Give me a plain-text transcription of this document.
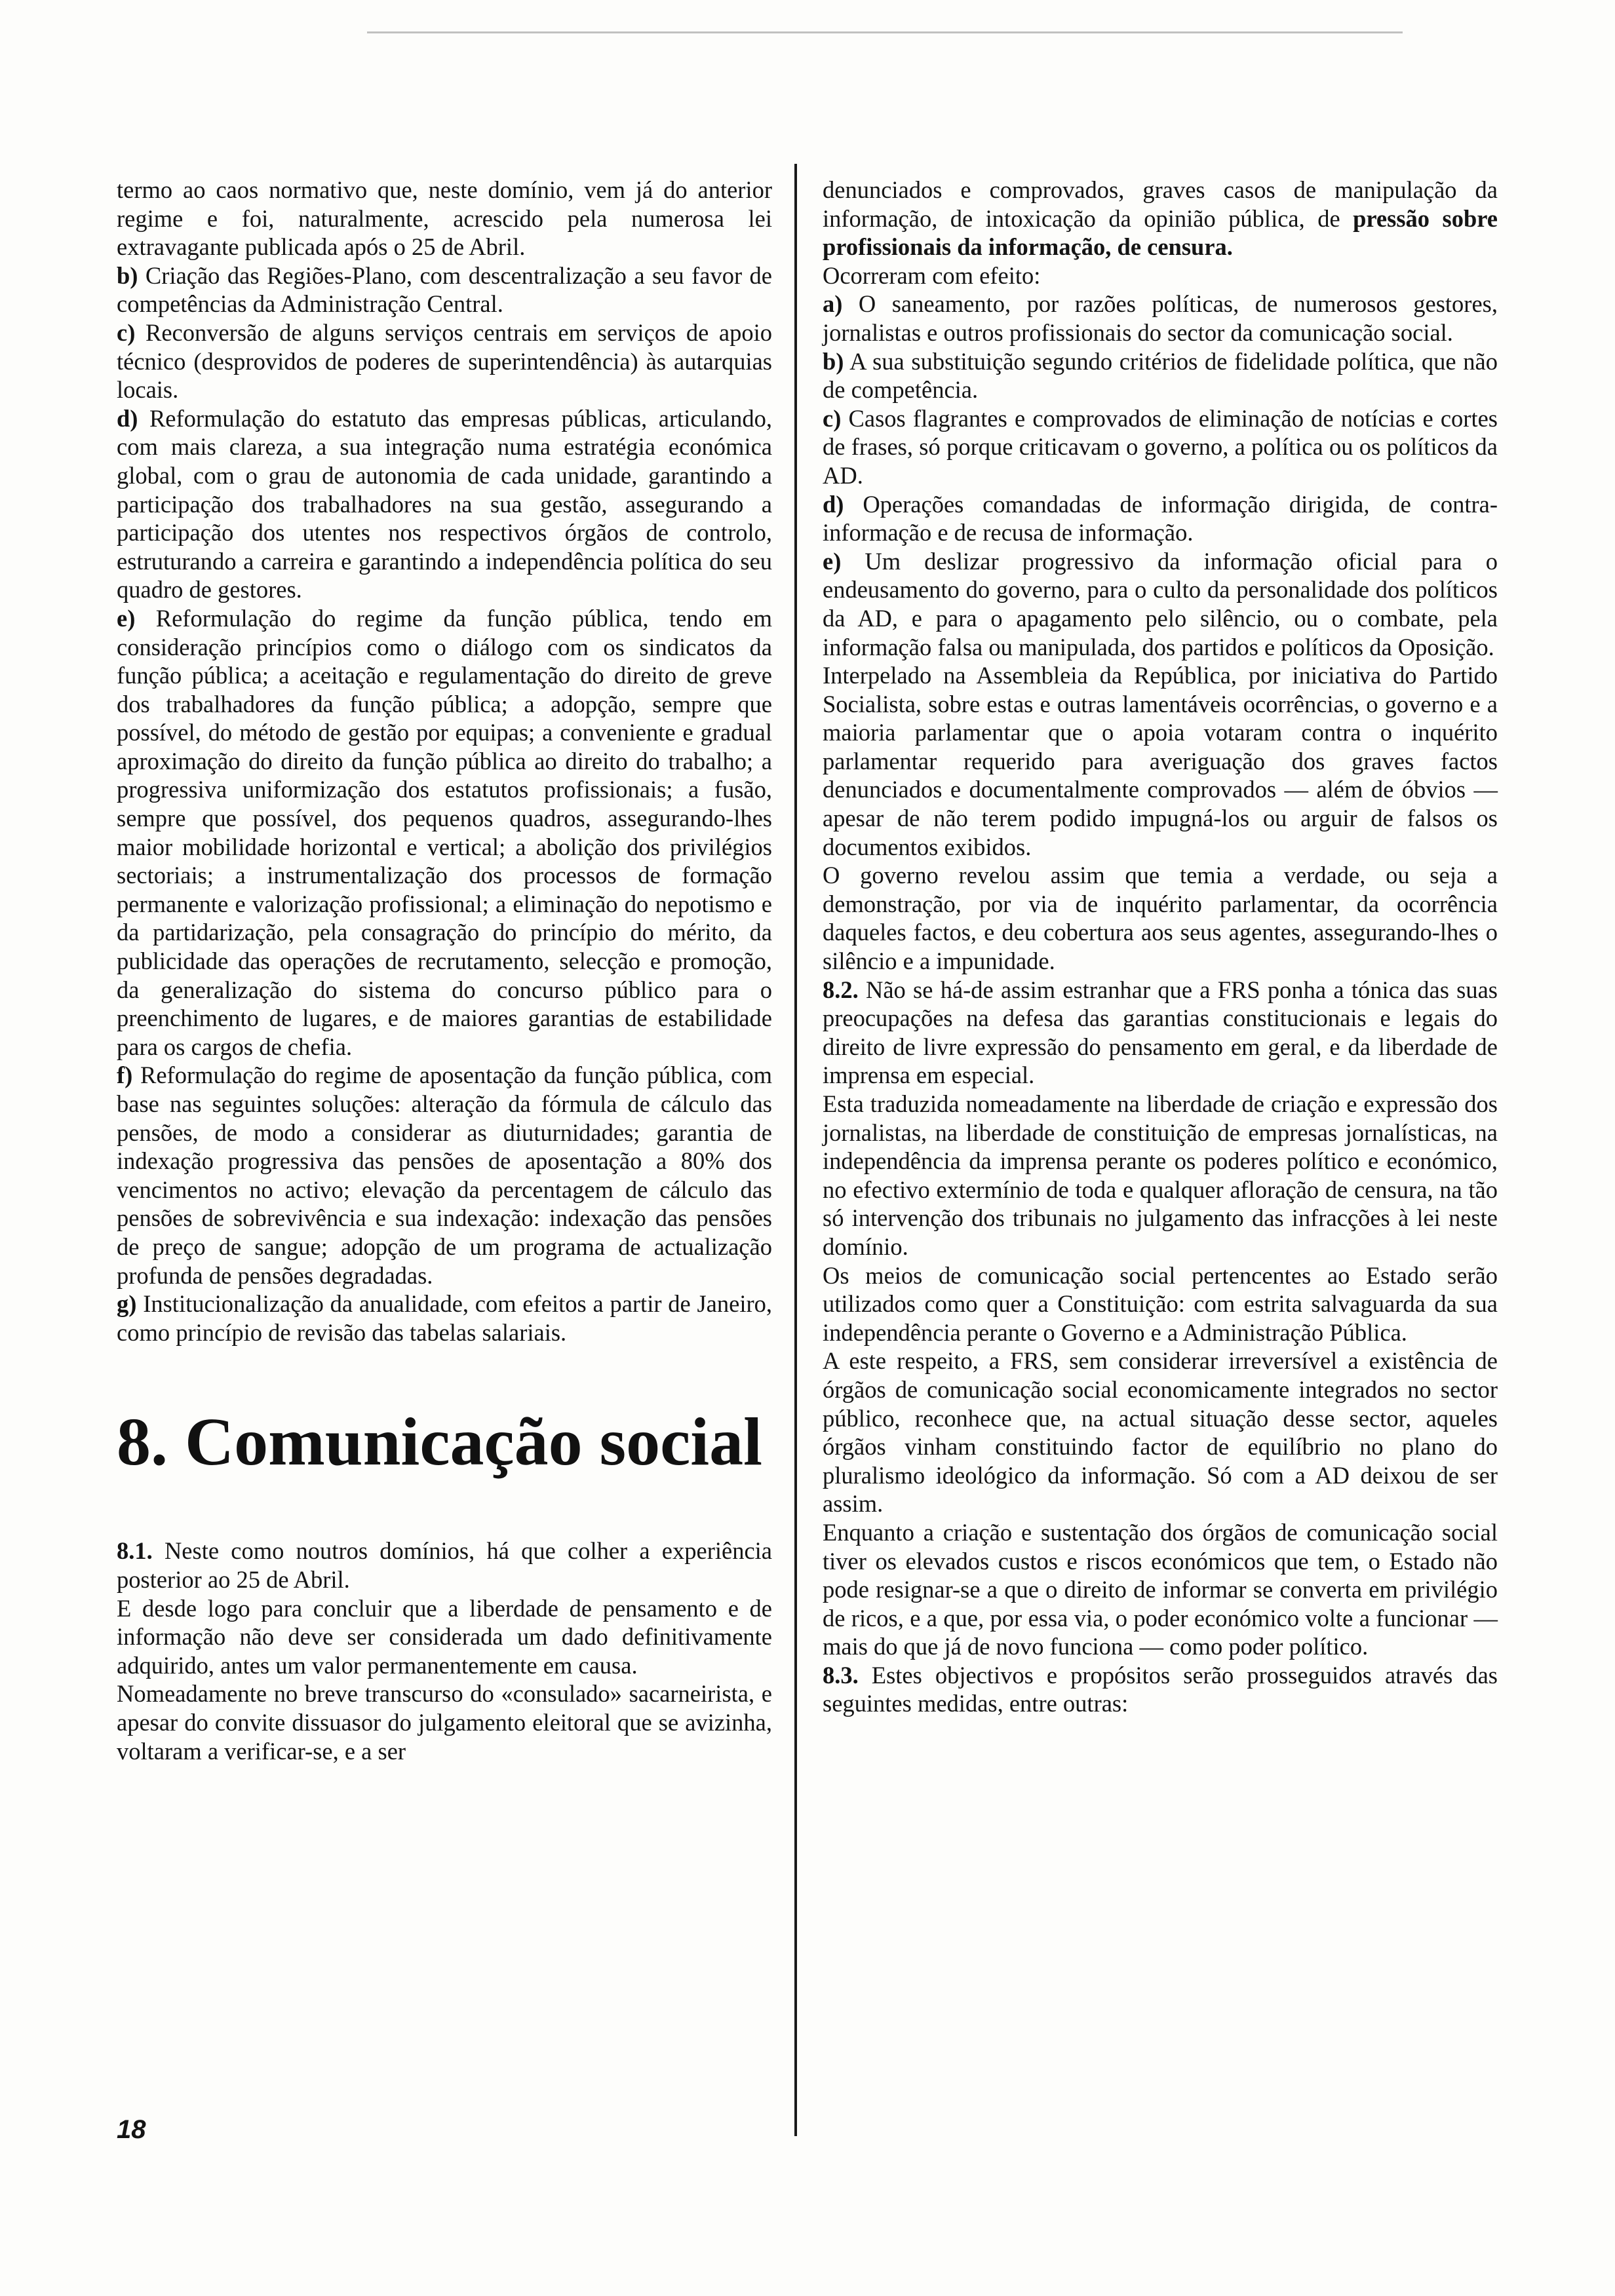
termo ao caos normativo que, neste domínio, vem já do anterior regime e foi, naturalmente, acrescido pela numerosa lei extravagante publicada após o 25 de Abril.

b) Criação das Regiões-Plano, com descentralização a seu favor de competências da Administração Central.

c) Reconversão de alguns serviços centrais em serviços de apoio técnico (desprovidos de poderes de superintendência) às autarquias locais.

d) Reformulação do estatuto das empresas públicas, articulando, com mais clareza, a sua integração numa estratégia económica global, com o grau de autonomia de cada unidade, garantindo a participação dos trabalhadores na sua gestão, assegurando a participação dos utentes nos respectivos órgãos de controlo, estruturando a carreira e garantindo a independência política do seu quadro de gestores.

e) Reformulação do regime da função pública, tendo em consideração princípios como o diálogo com os sindicatos da função pública; a aceitação e regulamentação do direito de greve dos trabalhadores da função pública; a adopção, sempre que possível, do método de gestão por equipas; a conveniente e gradual aproximação do direito da função pública ao direito do trabalho; a progressiva uniformização dos estatutos profissionais; a fusão, sempre que possível, dos pequenos quadros, assegurando-lhes maior mobilidade horizontal e vertical; a abolição dos privilégios sectoriais; a instrumentalização dos processos de formação permanente e valorização profissional; a eliminação do nepotismo e da partidarização, pela consagração do princípio do mérito, da publicidade das operações de recrutamento, selecção e promoção, da generalização do sistema do concurso público para o preenchimento de lugares, e de maiores garantias de estabilidade para os cargos de chefia.

f) Reformulação do regime de aposentação da função pública, com base nas seguintes soluções: alteração da fórmula de cálculo das pensões, de modo a considerar as diuturnidades; garantia de indexação progressiva das pensões de aposentação a 80% dos vencimentos no activo; elevação da percentagem de cálculo das pensões de sobrevivência e sua indexação: indexação das pensões de preço de sangue; adopção de um programa de actualização profunda de pensões degradadas.

g) Institucionalização da anualidade, com efeitos a partir de Janeiro, como princípio de revisão das tabelas salariais.

8. Comunicação social

8.1. Neste como noutros domínios, há que colher a experiência posterior ao 25 de Abril.

E desde logo para concluir que a liberdade de pensamento e de informação não deve ser considerada um dado definitivamente adquirido, antes um valor permanentemente em causa.

Nomeadamente no breve transcurso do «consulado» sacarneirista, e apesar do convite dissuasor do julgamento eleitoral que se avizinha, voltaram a verificar-se, e a ser

denunciados e comprovados, graves casos de manipulação da informação, de intoxicação da opinião pública, de pressão sobre profissionais da informação, de censura.

Ocorreram com efeito:

a) O saneamento, por razões políticas, de numerosos gestores, jornalistas e outros profissionais do sector da comunicação social.

b) A sua substituição segundo critérios de fidelidade política, que não de competência.

c) Casos flagrantes e comprovados de eliminação de notícias e cortes de frases, só porque criticavam o governo, a política ou os políticos da AD.

d) Operações comandadas de informação dirigida, de contra-informação e de recusa de informação.

e) Um deslizar progressivo da informação oficial para o endeusamento do governo, para o culto da personalidade dos políticos da AD, e para o apagamento pelo silêncio, ou o combate, pela informação falsa ou manipulada, dos partidos e políticos da Oposição.

Interpelado na Assembleia da República, por iniciativa do Partido Socialista, sobre estas e outras lamentáveis ocorrências, o governo e a maioria parlamentar que o apoia votaram contra o inquérito parlamentar requerido para averiguação dos graves factos denunciados e documentalmente comprovados — além de óbvios — apesar de não terem podido impugná-los ou arguir de falsos os documentos exibidos.

O governo revelou assim que temia a verdade, ou seja a demonstração, por via de inquérito parlamentar, da ocorrência daqueles factos, e deu cobertura aos seus agentes, assegurando-lhes o silêncio e a impunidade.

8.2. Não se há-de assim estranhar que a FRS ponha a tónica das suas preocupações na defesa das garantias constitucionais e legais do direito de livre expressão do pensamento em geral, e da liberdade de imprensa em especial.

Esta traduzida nomeadamente na liberdade de criação e expressão dos jornalistas, na liberdade de constituição de empresas jornalísticas, na independência da imprensa perante os poderes político e económico, no efectivo extermínio de toda e qualquer afloração de censura, na tão só intervenção dos tribunais no julgamento das infracções à lei neste domínio.

Os meios de comunicação social pertencentes ao Estado serão utilizados como quer a Constituição: com estrita salvaguarda da sua independência perante o Governo e a Administração Pública.

A este respeito, a FRS, sem considerar irreversível a existência de órgãos de comunicação social economicamente integrados no sector público, reconhece que, na actual situação desse sector, aqueles órgãos vinham constituindo factor de equilíbrio no plano do pluralismo ideológico da informação. Só com a AD deixou de ser assim.

Enquanto a criação e sustentação dos órgãos de comunicação social tiver os elevados custos e riscos económicos que tem, o Estado não pode resignar-se a que o direito de informar se converta em privilégio de ricos, e a que, por essa via, o poder económico volte a funcionar — mais do que já de novo funciona — como poder político.

8.3. Estes objectivos e propósitos serão prosseguidos através das seguintes medidas, entre outras:

18
